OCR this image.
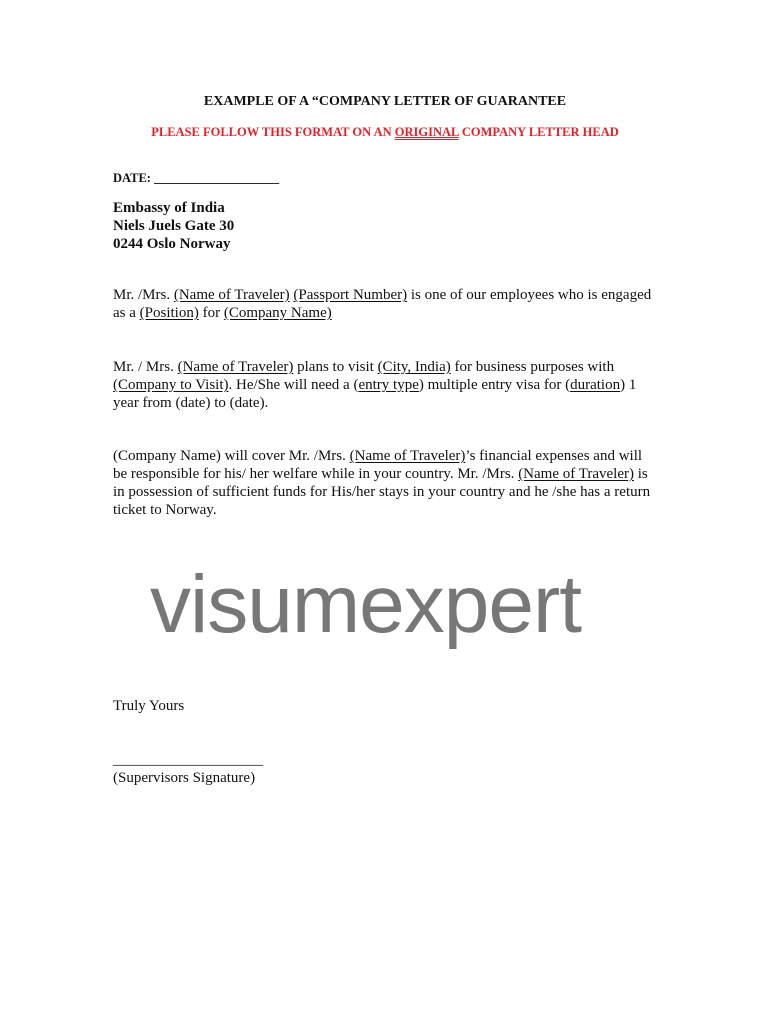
EXAMPLE OF A “COMPANY LETTER OF GUARANTEE
PLEASE FOLLOW THIS FORMAT ON AN ORIGINAL COMPANY LETTER HEAD
DATE: ____________________
Embassy of India
Niels Juels Gate 30
0244 Oslo Norway
Mr. /Mrs. (Name of Traveler) (Passport Number) is one of our employees who is engaged
as a (Position) for (Company Name)
Mr. / Mrs. (Name of Traveler) plans to visit (City, India) for business purposes with
(Company to Visit). He/She will need a (entry type) multiple entry visa for (duration) 1
year from (date) to (date).
(Company Name) will cover Mr. /Mrs. (Name of Traveler)’s financial expenses and will
be responsible for his/ her welfare while in your country. Mr. /Mrs. (Name of Traveler) is
in possession of sufficient funds for His/her stays in your country and he /she has a return
ticket to Norway.
visumexpert
Truly Yours
____________________
(Supervisors Signature)
